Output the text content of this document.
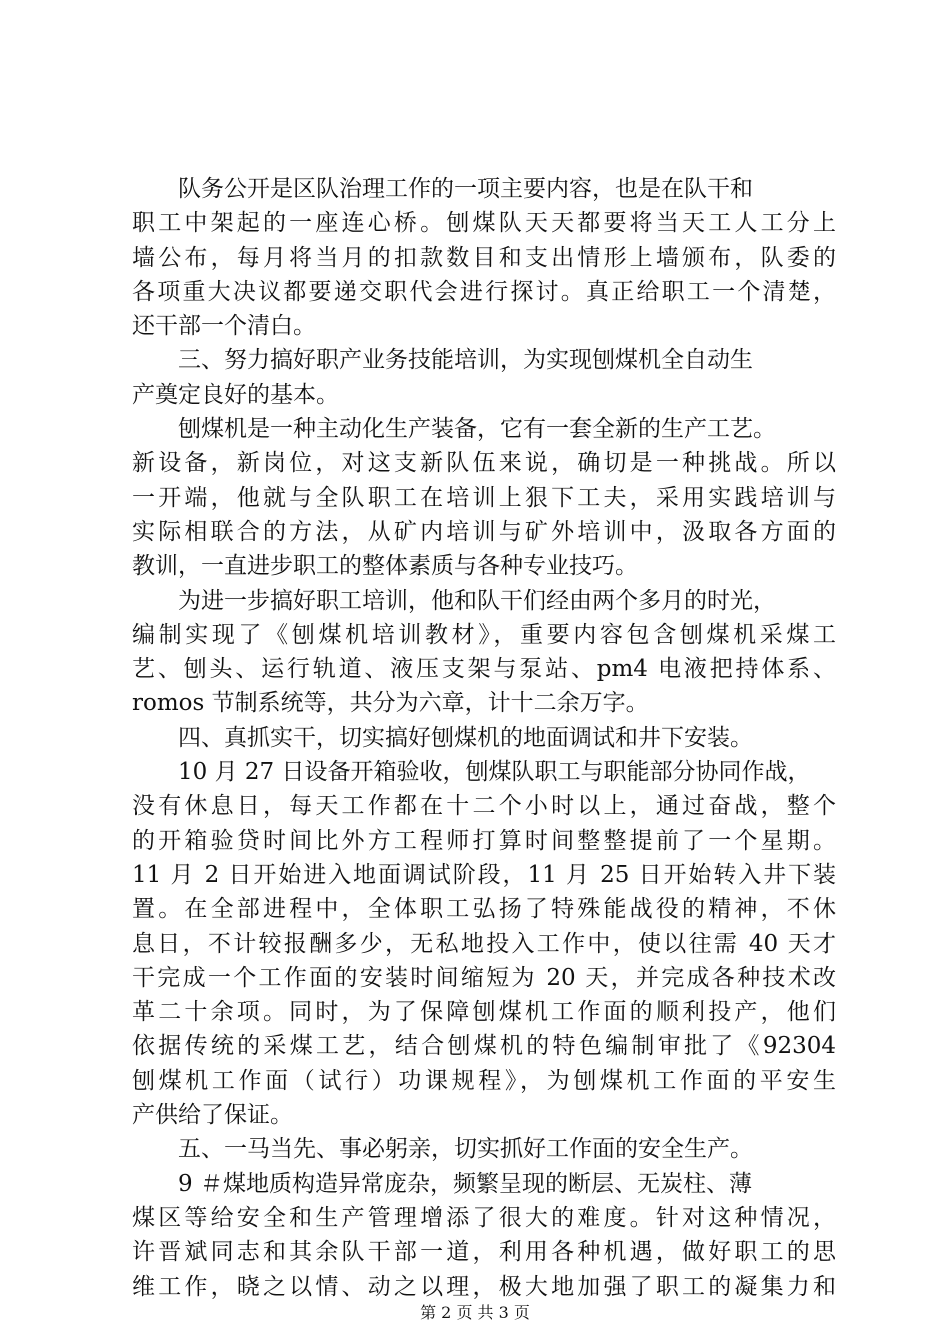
队务公开是区队治理工作的一项主要内容，也是在队干和
职工中架起的一座连心桥。刨煤队天天都要将当天工人工分上
墙公布，每月将当月的扣款数目和支出情形上墙颁布，队委的
各项重大决议都要递交职代会进行探讨。真正给职工一个清楚，
还干部一个清白。
三、努力搞好职产业务技能培训，为实现刨煤机全自动生
产奠定良好的基本。
刨煤机是一种主动化生产装备，它有一套全新的生产工艺。
新设备，新岗位，对这支新队伍来说，确切是一种挑战。所以
一开端，他就与全队职工在培训上狠下工夫，采用实践培训与
实际相联合的方法，从矿内培训与矿外培训中，汲取各方面的
教训，一直进步职工的整体素质与各种专业技巧。
为进一步搞好职工培训，他和队干们经由两个多月的时光，
编制实现了《刨煤机培训教材》，重要内容包含刨煤机采煤工
艺、刨头、运行轨道、液压支架与泵站、pm4 电液把持体系、
romos 节制系统等，共分为六章，计十二余万字。
四、真抓实干，切实搞好刨煤机的地面调试和井下安装。
10 月 27 日设备开箱验收，刨煤队职工与职能部分协同作战，
没有休息日，每天工作都在十二个小时以上，通过奋战，整个
的开箱验贷时间比外方工程师打算时间整整提前了一个星期。
11 月 2 日开始进入地面调试阶段，11 月 25 日开始转入井下装
置。在全部进程中，全体职工弘扬了特殊能战役的精神，不休
息日，不计较报酬多少，无私地投入工作中，使以往需 40 天才
干完成一个工作面的安装时间缩短为 20 天，并完成各种技术改
革二十余项。同时，为了保障刨煤机工作面的顺利投产，他们
依据传统的采煤工艺，结合刨煤机的特色编制审批了《92304
刨煤机工作面（试行）功课规程》，为刨煤机工作面的平安生
产供给了保证。
五、一马当先、事必躬亲，切实抓好工作面的安全生产。
9 ＃煤地质构造异常庞杂，频繁呈现的断层、无炭柱、薄
煤区等给安全和生产管理增添了很大的难度。针对这种情况，
许晋斌同志和其余队干部一道，利用各种机遇，做好职工的思
维工作，晓之以情、动之以理，极大地加强了职工的凝集力和
第 2 页 共 3 页
